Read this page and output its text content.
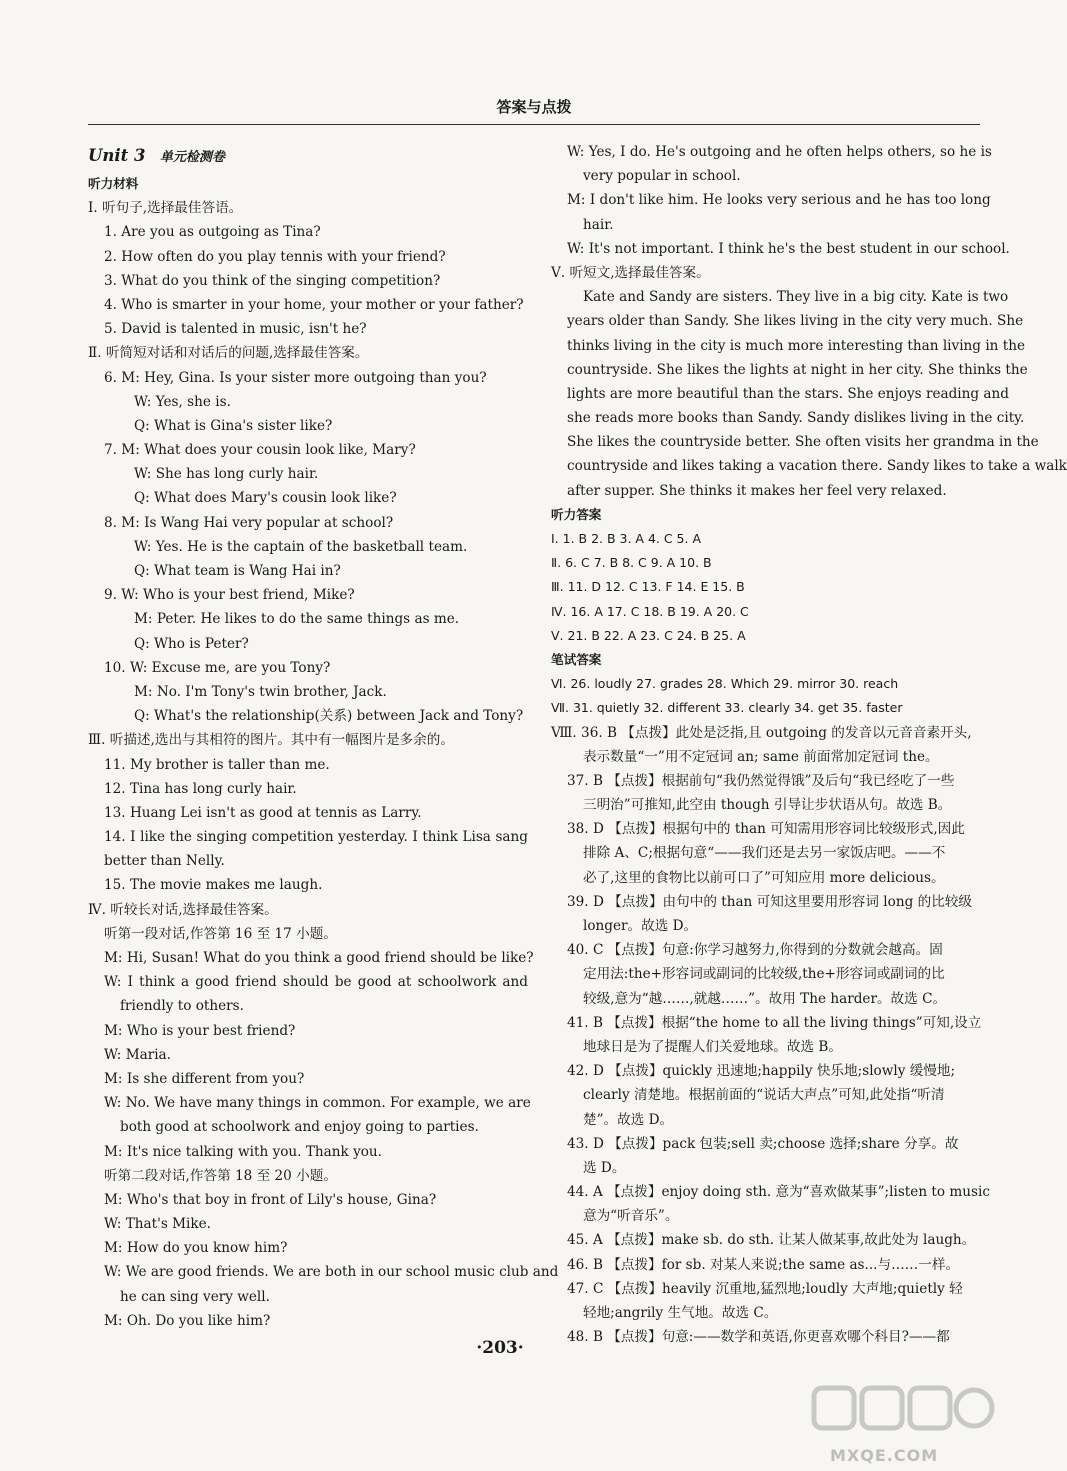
答案与点拨
Unit 3 单元检测卷
听力材料
Ⅰ. 听句子,选择最佳答语。
1. Are you as outgoing as Tina?
2. How often do you play tennis with your friend?
3. What do you think of the singing competition?
4. Who is smarter in your home, your mother or your father?
5. David is talented in music, isn't he?
Ⅱ. 听简短对话和对话后的问题,选择最佳答案。
6. M: Hey, Gina. Is your sister more outgoing than you?
W: Yes, she is.
Q: What is Gina's sister like?
7. M: What does your cousin look like, Mary?
W: She has long curly hair.
Q: What does Mary's cousin look like?
8. M: Is Wang Hai very popular at school?
W: Yes. He is the captain of the basketball team.
Q: What team is Wang Hai in?
9. W: Who is your best friend, Mike?
M: Peter. He likes to do the same things as me.
Q: Who is Peter?
10. W: Excuse me, are you Tony?
M: No. I'm Tony's twin brother, Jack.
Q: What's the relationship(关系) between Jack and Tony?
Ⅲ. 听描述,选出与其相符的图片。其中有一幅图片是多余的。
11. My brother is taller than me.
12. Tina has long curly hair.
13. Huang Lei isn't as good at tennis as Larry.
14. I like the singing competition yesterday. I think Lisa sang
better than Nelly.
15. The movie makes me laugh.
Ⅳ. 听较长对话,选择最佳答案。
听第一段对话,作答第 16 至 17 小题。
M: Hi, Susan! What do you think a good friend should be like?
W: I think a good friend should be good at schoolwork and
friendly to others.
M: Who is your best friend?
W: Maria.
M: Is she different from you?
W: No. We have many things in common. For example, we are
both good at schoolwork and enjoy going to parties.
M: It's nice talking with you. Thank you.
听第二段对话,作答第 18 至 20 小题。
M: Who's that boy in front of Lily's house, Gina?
W: That's Mike.
M: How do you know him?
W: We are good friends. We are both in our school music club and
he can sing very well.
M: Oh. Do you like him?
W: Yes, I do. He's outgoing and he often helps others, so he is
very popular in school.
M: I don't like him. He looks very serious and he has too long
hair.
W: It's not important. I think he's the best student in our school.
Ⅴ. 听短文,选择最佳答案。
Kate and Sandy are sisters. They live in a big city. Kate is two
years older than Sandy. She likes living in the city very much. She
thinks living in the city is much more interesting than living in the
countryside. She likes the lights at night in her city. She thinks the
lights are more beautiful than the stars. She enjoys reading and
she reads more books than Sandy. Sandy dislikes living in the city.
She likes the countryside better. She often visits her grandma in the
countryside and likes taking a vacation there. Sandy likes to take a walk
after supper. She thinks it makes her feel very relaxed.
听力答案
Ⅰ. 1. B 2. B 3. A 4. C 5. A
Ⅱ. 6. C 7. B 8. C 9. A 10. B
Ⅲ. 11. D 12. C 13. F 14. E 15. B
Ⅳ. 16. A 17. C 18. B 19. A 20. C
Ⅴ. 21. B 22. A 23. C 24. B 25. A
笔试答案
Ⅵ. 26. loudly 27. grades 28. Which 29. mirror 30. reach
Ⅶ. 31. quietly 32. different 33. clearly 34. get 35. faster
Ⅷ. 36. B 【点拨】此处是泛指,且 outgoing 的发音以元音音素开头,
表示数量“一”用不定冠词 an; same 前面常加定冠词 the。
37. B 【点拨】根据前句“我仍然觉得饿”及后句“我已经吃了一些
三明治”可推知,此空由 though 引导让步状语从句。故选 B。
38. D 【点拨】根据句中的 than 可知需用形容词比较级形式,因此
排除 A、C;根据句意“——我们还是去另一家饭店吧。——不
必了,这里的食物比以前可口了”可知应用 more delicious。
39. D 【点拨】由句中的 than 可知这里要用形容词 long 的比较级
longer。故选 D。
40. C 【点拨】句意:你学习越努力,你得到的分数就会越高。固
定用法:the+形容词或副词的比较级,the+形容词或副词的比
较级,意为“越……,就越……”。故用 The harder。故选 C。
41. B 【点拨】根据“the home to all the living things”可知,设立
地球日是为了提醒人们关爱地球。故选 B。
42. D 【点拨】quickly 迅速地;happily 快乐地;slowly 缓慢地;
clearly 清楚地。根据前面的“说话大声点”可知,此处指“听清
楚”。故选 D。
43. D 【点拨】pack 包装;sell 卖;choose 选择;share 分享。故
选 D。
44. A 【点拨】enjoy doing sth. 意为“喜欢做某事”;listen to music
意为“听音乐”。
45. A 【点拨】make sb. do sth. 让某人做某事,故此处为 laugh。
46. B 【点拨】for sb. 对某人来说;the same as...与……一样。
47. C 【点拨】heavily 沉重地,猛烈地;loudly 大声地;quietly 轻
轻地;angrily 生气地。故选 C。
48. B 【点拨】句意:——数学和英语,你更喜欢哪个科目?——都
·203·
MXQE.COM
